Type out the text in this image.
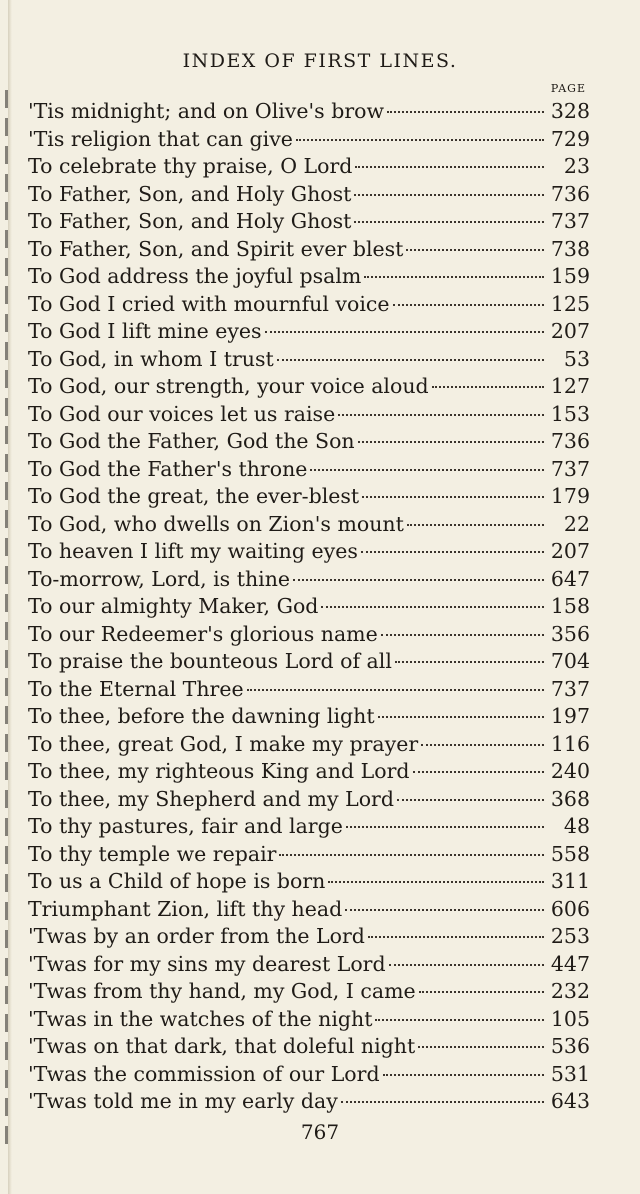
INDEX OF FIRST LINES.
PAGE
'Tis midnight; and on Olive's brow	328
'Tis religion that can give	729
To celebrate thy praise, O Lord	23
To Father, Son, and Holy Ghost	736
To Father, Son, and Holy Ghost	737
To Father, Son, and Spirit ever blest	738
To God address the joyful psalm	159
To God I cried with mournful voice	125
To God I lift mine eyes	207
To God, in whom I trust	53
To God, our strength, your voice aloud	127
To God our voices let us raise	153
To God the Father, God the Son	736
To God the Father's throne	737
To God the great, the ever-blest	179
To God, who dwells on Zion's mount	22
To heaven I lift my waiting eyes	207
To-morrow, Lord, is thine	647
To our almighty Maker, God	158
To our Redeemer's glorious name	356
To praise the bounteous Lord of all	704
To the Eternal Three	737
To thee, before the dawning light	197
To thee, great God, I make my prayer	116
To thee, my righteous King and Lord	240
To thee, my Shepherd and my Lord	368
To thy pastures, fair and large	48
To thy temple we repair	558
To us a Child of hope is born	311
Triumphant Zion, lift thy head	606
'Twas by an order from the Lord	253
'Twas for my sins my dearest Lord	447
'Twas from thy hand, my God, I came	232
'Twas in the watches of the night	105
'Twas on that dark, that doleful night	536
'Twas the commission of our Lord	531
'Twas told me in my early day	643
767
